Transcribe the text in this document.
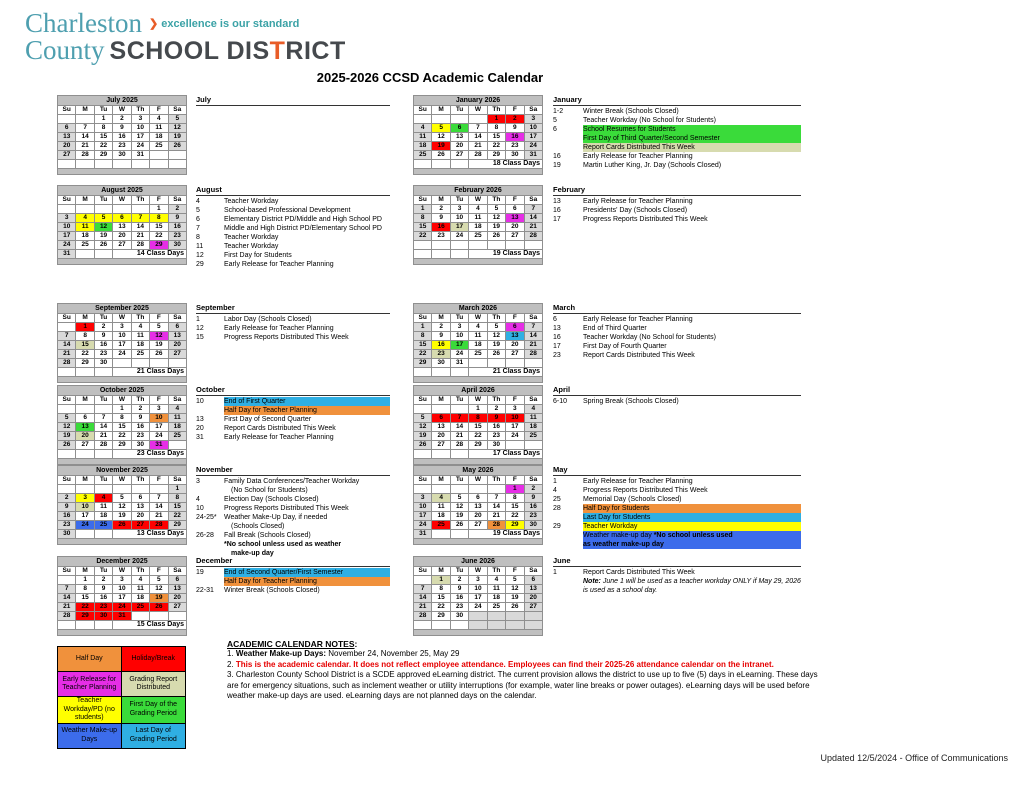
Charleston $^{❯ excellence is our standard}$
County SCHOOL DISTRICT
2025-2026 CCSD Academic Calendar
July 2025						
Su	M	Tu	W	Th	F	Sa
		1	2	3	4	5
6	7	8	9	10	11	12
13	14	15	16	17	18	19
20	21	22	23	24	25	26
27	28	29	30	31		

July
August 2025						
Su	M	Tu	W	Th	F	Sa
					1	2
3	4	5	6	7	8	9
10	11	12	13	14	15	16
17	18	19	20	21	22	23
24	25	26	27	28	29	30
31			14 Class Days			

August
4	Teacher Workday
5	School-based Professional Development
6	Elementary District PD/Middle and High School PD
7	Middle and High District PD/Elementary School PD
8	Teacher Workday
11	Teacher Workday
12	First Day for Students
29	Early Release for Teacher Planning
September 2025						
Su	M	Tu	W	Th	F	Sa
	1	2	3	4	5	6
7	8	9	10	11	12	13
14	15	16	17	18	19	20
21	22	23	24	25	26	27
28	29	30				
			21 Class Days			

September
1	Labor Day (Schools Closed)
12	Early Release for Teacher Planning
15	Progress Reports Distributed This Week
October 2025						
Su	M	Tu	W	Th	F	Sa
			1	2	3	4
5	6	7	8	9	10	11
12	13	14	15	16	17	18
19	20	21	22	23	24	25
26	27	28	29	30	31	
			23 Class Days			

October
10	End of First Quarter
Half Day for Teacher Planning
13	First Day of Second Quarter
20	Report Cards Distributed This Week
31	Early Release for Teacher Planning
November 2025						
Su	M	Tu	W	Th	F	Sa
						1
2	3	4	5	6	7	8
9	10	11	12	13	14	15
16	17	18	19	20	21	22
23	24	25	26	27	28	29
30			13 Class Days			

November
3	Family Data Conferences/Teacher Workday
(No School for Students)
4	Election Day (Schools Closed)
10	Progress Reports Distributed This Week
24-25*	Weather Make-Up Day, if needed
(Schools Closed)
26-28	Fall Break (Schools Closed)
*No school unless used as weather
make-up day
December 2025						
Su	M	Tu	W	Th	F	Sa
	1	2	3	4	5	6
7	8	9	10	11	12	13
14	15	16	17	18	19	20
21	22	23	24	25	26	27
28	29	30	31			
			15 Class Days			

December
19	End of Second Quarter/First Semester
Half Day for Teacher Planning
22-31	Winter Break (Schools Closed)
January 2026						
Su	M	Tu	W	Th	F	Sa
				1	2	3
4	5	6	7	8	9	10
11	12	13	14	15	16	17
18	19	20	21	22	23	24
25	26	27	28	29	30	31
			18 Class Days			

January
1-2	Winter Break (Schools Closed)
5	Teacher Workday (No School for Students)
6	School Resumes for Students
First Day of Third Quarter/Second Semester
Report Cards Distributed This Week
16	Early Release for Teacher Planning
19	Martin Luther King, Jr. Day (Schools Closed)
February 2026						
Su	M	Tu	W	Th	F	Sa
1	2	3	4	5	6	7
8	9	10	11	12	13	14
15	16	17	18	19	20	21
22	23	24	25	26	27	28

			19 Class Days			

February
13	Early Release for Teacher Planning
16	Presidents' Day (Schools Closed)
17	Progress Reports Distributed This Week
March 2026						
Su	M	Tu	W	Th	F	Sa
1	2	3	4	5	6	7
8	9	10	11	12	13	14
15	16	17	18	19	20	21
22	23	24	25	26	27	28
29	30	31				
			21 Class Days			

March
6	Early Release for Teacher Planning
13	End of Third Quarter
16	Teacher Workday (No School for Students)
17	First Day of Fourth Quarter
23	Report Cards Distributed This Week
April 2026						
Su	M	Tu	W	Th	F	Sa
			1	2	3	4
5	6	7	8	9	10	11
12	13	14	15	16	17	18
19	20	21	22	23	24	25
26	27	28	29	30		
			17 Class Days			

April
6-10	Spring Break (Schools Closed)
May 2026						
Su	M	Tu	W	Th	F	Sa
					1	2
3	4	5	6	7	8	9
10	11	12	13	14	15	16
17	18	19	20	21	22	23
24	25	26	27	28	29	30
31			19 Class Days			

May
1	Early Release for Teacher Planning
4	Progress Reports Distributed This Week
25	Memorial Day (Schools Closed)
28	Half Day for Students
Last Day for Students
29	Teacher Workday
Weather make-up day *No school unless used
as weather make-up day
June 2026						
Su	M	Tu	W	Th	F	Sa
	1	2	3	4	5	6
7	8	9	10	11	12	13
14	15	16	17	18	19	20
21	22	23	24	25	26	27
28	29	30				

June
1	Report Cards Distributed This Week
Note: June 1 will be used as a teacher workday ONLY if May 29, 2026
is used as a school day.
Half Day	Holiday/Break
Early Release for Teacher Planning	Grading Report Distributed
Teacher Workday/PD (no students)	First Day of the Grading Period
Weather Make-up Days	Last Day of Grading Period
ACADEMIC CALENDAR NOTES:
1. Weather Make-up Days: November 24, November 25, May 29
2. This is the academic calendar. It does not reflect employee attendance. Employees can find their 2025-26 attendance calendar on the intranet.
3. Charleston County School District is a SCDE approved eLearning district. The current provision allows the district to use up to five (5) days in eLearning. These days are for emergency situations, such as inclement weather or utility interruptions (for example, water line breaks or power outages). eLearning days will be used before weather make-up days are used. eLearning days are not planned days on the calendar.
Updated 12/5/2024 - Office of Communications
